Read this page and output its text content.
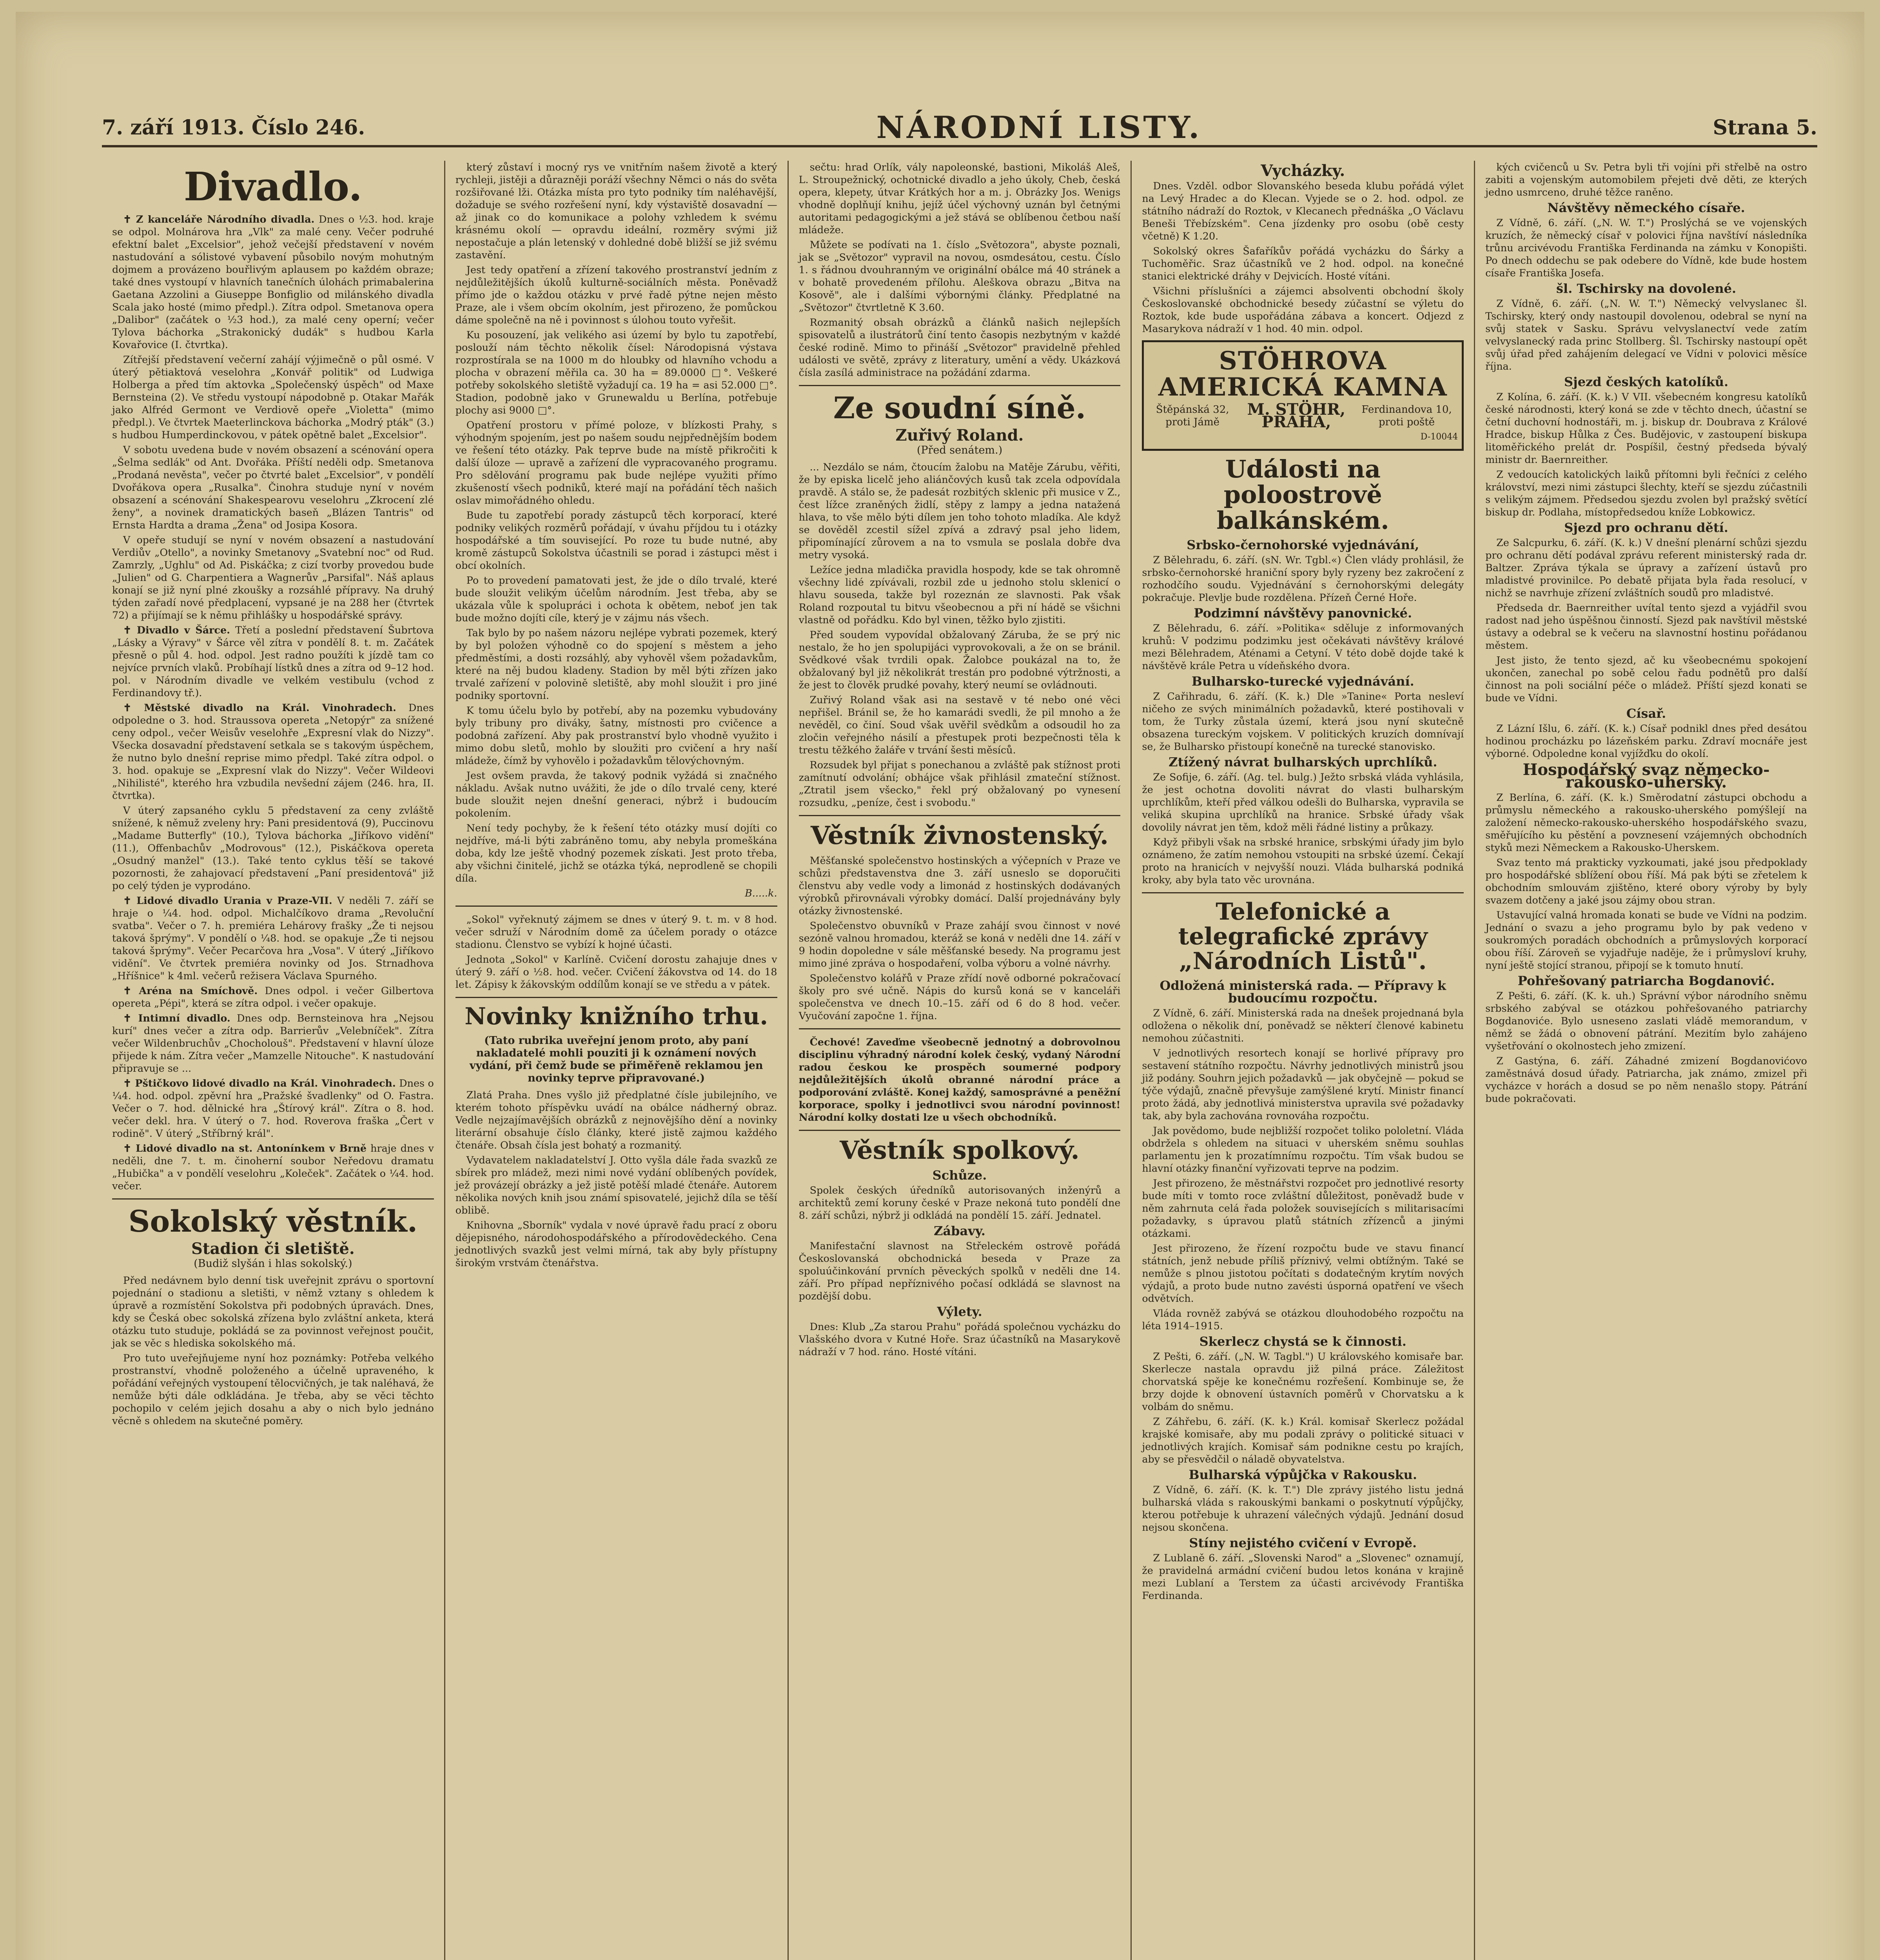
7. září 1913. Číslo 246.	NÁRODNÍ LISTY.	Strana 5.
Divadlo.

✝ Z kanceláře Národního divadla. Dnes o ½3. hod. kraje se odpol. Molnárova hra „Vlk" za malé ceny. Večer podruhé efektní balet „Excelsior", jehož večejší představení v novém nastudování a sólistové vybavení působilo novým mohutným dojmem a provázeno bouřlivým aplausem po každém obraze; také dnes vystoupí v hlavních tanečních úlohách primabalerina Gaetana Azzolini a Giuseppe Bonfiglio od milánského divadla Scala jako hosté (mimo předpl.). Zítra odpol. Smetanova opera „Dalibor" (začátek o ½3 hod.), za malé ceny operní; večer Tylova báchorka „Strakonický dudák" s hudbou Karla Kovařovice (I. čtvrtka).

Zítřejší představení večerní zahájí výjimečně o půl osmé. V úterý pětiaktová veselohra „Konvář politik" od Ludwiga Holberga a před tím aktovka „Společenský úspěch" od Maxe Bernsteina (2). Ve středu vystoupí nápodobně p. Otakar Mařák jako Alfréd Germont ve Verdiově opeře „Violetta" (mimo předpl.). Ve čtvrtek Maeterlinckova báchorka „Modrý pták" (3.) s hudbou Humperdinckovou, v pátek opětně balet „Excelsior".

V sobotu uvedena bude v novém obsazení a scénování opera „Šelma sedlák" od Ant. Dvořáka. Příští neděli odp. Smetanova „Prodaná nevěsta", večer po čtvrté balet „Excelsior", v pondělí Dvořákova opera „Rusalka". Činohra studuje nyní v novém obsazení a scénování Shakespearovu veselohru „Zkrocení zlé ženy", a novinek dramatických baseň „Blázen Tantris" od Ernsta Hardta a drama „Žena" od Josipa Kosora.

V opeře studují se nyní v novém obsazení a nastudování Verdiův „Otello", a novinky Smetanovy „Svatební noc" od Rud. Zamrzly, „Ughlu" od Ad. Piskáčka; z cizí tvorby provedou bude „Julien" od G. Charpentiera a Wagnerův „Parsifal". Náš aplaus konají se již nyní plné zkoušky a rozsáhlé přípravy. Na druhý týden zařadí nové předplacení, vypsané je na 288 her (čtvrtek 72) a přijímají se k němu přihlášky u hospodářské správy.

✝ Divadlo v Šárce. Třetí a poslední představení Šubrtova „Lásky a Výravy" v Šárce věl zítra v pondělí 8. t. m. Začátek přesně o půl 4. hod. odpol. Jest radno použíti k jízdě tam co nejvíce prvních vlaků. Probíhají lístků dnes a zítra od 9–12 hod. pol. v Národním divadle ve velkém vestibulu (vchod z Ferdinandovy tř.).

✝ Městské divadlo na Král. Vinohradech. Dnes odpoledne o 3. hod. Straussova opereta „Netopýr" za snížené ceny odpol., večer Weisův veselohře „Expresní vlak do Nizzy". Všecka dosavadní představení setkala se s takovým úspěchem, že nutno bylo dnešní reprise mimo předpl. Také zítra odpol. o 3. hod. opakuje se „Expresní vlak do Nizzy". Večer Wildeovi „Nihilisté", kterého hra vzbudila nevšední zájem (246. hra, II. čtvrtka).

V úterý zapsaného cyklu 5 představení za ceny zvláště snížené, k němuž zveleny hry: Pani presidentová (9), Puccinovu „Madame Butterfly" (10.), Tylova báchorka „Jiříkovo vidění" (11.), Offenbachův „Modrovous" (12.), Piskáčkova opereta „Osudný manžel" (13.). Také tento cyklus těší se takové pozornosti, že zahajovací představení „Paní presidentová" již po celý týden je vyprodáno.

✝ Lidové divadlo Urania v Praze-VII. V neděli 7. září se hraje o ¼4. hod. odpol. Michalčíkovo drama „Revoluční svatba". Večer o 7. h. premiéra Lehárovy frašky „Že ti nejsou taková šprýmy". V pondělí o ¼8. hod. se opakuje „Že ti nejsou taková šprýmy". Večer Pecarčova hra „Vosa". V úterý „Jiříkovo vidění". Ve čtvrtek premiéra novinky od Jos. Strnadhova „Hříšnice" k 4ml. večerů režisera Václava Spurného.

✝ Aréna na Smíchově. Dnes odpol. i večer Gilbertova opereta „Pépi", která se zítra odpol. i večer opakuje.

✝ Intimní divadlo. Dnes odp. Bernsteinova hra „Nejsou kurí" dnes večer a zítra odp. Barrierův „Velebníček". Zítra večer Wildenbruchův „Chocholouš". Představení v hlavní úloze přijede k nám. Zítra večer „Mamzelle Nitouche". K nastudování připravuje se ...

✝ Pštičkovo lidové divadlo na Král. Vinohradech. Dnes o ¼4. hod. odpol. zpěvní hra „Pražské švadlenky" od O. Fastra. Večer o 7. hod. dělnické hra „Štírový král". Zítra o 8. hod. večer dekl. hra. V úterý o 7. hod. Roverova fraška „Čert v rodině". V úterý „Stříbrný král".

✝ Lidové divadlo na st. Antonínkem v Brně hraje dnes v neděli, dne 7. t. m. činoherní soubor Neředovu dramatu „Hubička" a v pondělí veselohru „Koleček". Začátek o ¼4. hod. večer.

Sokolský věstník.
Stadion či sletiště.
(Budiž slyšán i hlas sokolský.)

Před nedávnem bylo denní tisk uveřejnit zprávu o sportovní pojednání o stadionu a sletišti, v němž vztany s ohledem k úpravě a rozmístění Sokolstva při podobných úpravách. Dnes, kdy se Česká obec sokolská zřízena bylo zvláštní anketa, která otázku tuto studuje, pokládá se za povinnost veřejnost poučit, jak se věc s hlediska sokolského má.

Pro tuto uveřejňujeme nyní hoz poznámky: Potřeba velkého prostranství, vhodně položeného a účelně upraveného, k pořádání veřejných vystoupení tělocvičných, je tak naléhavá, že nemůže býti dále odkládána. Je třeba, aby se věci těchto pochopilo v celém jejich dosahu a aby o nich bylo jednáno věcně s ohledem na skutečné poměry.

který zůstaví i mocný rys ve vnitřním našem životě a který rychleji, jistěji a důrazněji poráží všechny Němci o nás do světa rozšiřované lži. Otázka místa pro tyto podniky tím naléhavější, dožaduje se svého rozřešení nyní, kdy výstaviště dosavadní — až jinak co do komunikace a polohy vzhledem k svému krásnému okolí — opravdu ideální, rozměry svými již nepostačuje a plán letenský v dohledné době bližší se již svému zastavění.

Jest tedy opatření a zřízení takového prostranství jedním z nejdůležitějších úkolů kulturně-sociálních města. Poněvadž přímo jde o každou otázku v prvé řadě pýtne nejen město Praze, ale i všem obcím okolním, jest přirozeno, že pomůckou dáme společně na ně i povinnost s úlohou touto vyřešit.

Ku posouzení, jak velikého asi území by bylo tu zapotřebí, poslouží nám těchto několik čísel: Národopisná výstava rozprostírala se na 1000 m do hloubky od hlavního vchodu a plocha v obrazení měřila ca. 30 ha = 89.0000 □°. Veškeré potřeby sokolského sletiště vyžadují ca. 19 ha = asi 52.000 □°. Stadion, podobně jako v Grunewaldu u Berlína, potřebuje plochy asi 9000 □°.

Opatření prostoru v přímé poloze, v blízkosti Prahy, s výhodným spojením, jest po našem soudu nejpřednějším bodem ve řešení této otázky. Pak teprve bude na místě přikročiti k další úloze — upravě a zařízení dle vypracovaného programu. Pro sdělování programu pak bude nejlépe využiti přímo zkušeností všech podniků, které mají na pořádání těch našich oslav mimořádného ohledu.

Bude tu zapotřebí porady zástupců těch korporací, které podniky velikých rozměrů pořádají, v úvahu příjdou tu i otázky hospodářské a tím související. Po roze tu bude nutné, aby kromě zástupců Sokolstva účastnili se porad i zástupci měst i obcí okolních.

Po to provedení pamatovati jest, že jde o dílo trvalé, které bude sloužit velikým účelům národním. Jest třeba, aby se ukázala vůle k spolupráci i ochota k obětem, neboť jen tak bude možno dojíti cíle, který je v zájmu nás všech.

Tak bylo by po našem názoru nejlépe vybrati pozemek, který by byl položen výhodně co do spojení s městem a jeho předměstími, a dosti rozsáhlý, aby vyhověl všem požadavkům, které na něj budou kladeny. Stadion by měl býti zřízen jako trvalé zařízení v polovině sletiště, aby mohl sloužit i pro jiné podniky sportovní.

K tomu účelu bylo by potřebí, aby na pozemku vybudovány byly tribuny pro diváky, šatny, místnosti pro cvičence a podobná zařízení. Aby pak prostranství bylo vhodně využito i mimo dobu sletů, mohlo by sloužiti pro cvičení a hry naší mládeže, čímž by vyhovělo i požadavkům tělovýchovným.

Jest ovšem pravda, že takový podnik vyžádá si značného nákladu. Avšak nutno uvážiti, že jde o dílo trvalé ceny, které bude sloužit nejen dnešní generaci, nýbrž i budoucím pokolením.

Není tedy pochyby, že k řešení této otázky musí dojíti co nejdříve, má-li býti zabráněno tomu, aby nebyla promeškána doba, kdy lze ještě vhodný pozemek získati. Jest proto třeba, aby všichni činitelé, jichž se otázka týká, neprodleně se chopili díla.

B.....k.

„Sokol" vyřeknutý zájmem se dnes v úterý 9. t. m. v 8 hod. večer sdruží v Národním domě za účelem porady o otázce stadionu. Členstvo se vybízí k hojné účasti.

Jednota „Sokol" v Karlíně. Cvičení dorostu zahajuje dnes v úterý 9. září o ½8. hod. večer. Cvičení žákovstva od 14. do 18 let. Zápisy k žákovským oddílům konají se ve středu a v pátek.

Novinky knižního trhu.
(Tato rubrika uveřejní jenom proto, aby paní nakladatelé mohli pouziti ji k oznámení nových vydání, při čemž bude se přiměřeně reklamou jen novinky teprve připravované.)

Zlatá Praha. Dnes vyšlo již předplatné čísle jubilejního, ve kterém tohoto příspěvku uvádí na obálce nádherný obraz. Vedle nejzajímavějších obrázků z nejnovějšího dění a novinky literární obsahuje číslo články, které jistě zajmou každého čtenáře. Obsah čísla jest bohatý a rozmanitý.

Vydavatelem nakladatelství J. Otto vyšla dále řada svazků ze sbírek pro mládež, mezi nimi nové vydání oblíbených povídek, jež provázejí obrázky a jež jistě potěší mladé čtenáře. Autorem několika nových knih jsou známí spisovatelé, jejichž díla se těší oblibě.

Knihovna „Sborník" vydala v nové úpravě řadu prací z oboru dějepisného, národohospodářského a přírodovědeckého. Cena jednotlivých svazků jest velmi mírná, tak aby byly přístupny širokým vrstvám čtenářstva.

sečtu: hrad Orlík, vály napoleonské, bastioni, Mikoláš Aleš, L. Stroupežnický, ochotnické divadlo a jeho úkoly, Cheb, česká opera, klepety, útvar Krátkých hor a m. j. Obrázky Jos. Wenigs vhodně doplňují knihu, jejíž účel výchovný uznán byl četnými autoritami pedagogickými a jež stává se oblíbenou četbou naší mládeže.

Můžete se podívati na 1. číslo „Světozora", abyste poznali, jak se „Světozor" vypravil na novou, osmdesátou, cestu. Číslo 1. s řádnou dvouhranným ve originální obálce má 40 stránek a v bohatě provedeném přílohu. Aleškova obrazu „Bitva na Kosově", ale i dalšími výbornými články. Předplatné na „Světozor" čtvrtletně K 3.60.

Rozmanitý obsah obrázků a článků našich nejlepších spisovatelů a ilustrátorů činí tento časopis nezbytným v každé české rodině. Mimo to přináší „Světozor" pravidelně přehled události ve světě, zprávy z literatury, umění a vědy. Ukázková čísla zasílá administrace na požádání zdarma.

Ze soudní síně.
Zuřivý Roland.
(Před senátem.)

... Nezdálo se nám, čtoucím žalobu na Matěje Zárubu, věřiti, že by episka licelč jeho aliánčových kusů tak zcela odpovídala pravdě. A stálo se, že padesát rozbitých sklenic při musice v Z., čest lížce zraněných židlí, stěpy z lampy a jedna natažená hlava, to vše mělo býti dílem jen toho tohoto mladíka. Ale když se dověděl zcestil sížel zpívá a zdravý psal jeho lidem, připomínající zůrovem a na to vsmula se poslala dobře dva metry vysoká.

Ležíce jedna mladička pravidla hospody, kde se tak ohromně všechny lidé zpívávali, rozbil zde u jednoho stolu sklenicí o hlavu souseda, takže byl rozeznán ze slavnosti. Pak však Roland rozpoutal tu bitvu všeobecnou a při ní hádě se všichni vlastně od pořádku. Kdo byl vinen, těžko bylo zjistiti.

Před soudem vypovídal obžalovaný Záruba, že se prý nic nestalo, že ho jen spolupijáci vyprovokovali, a že on se bránil. Svědkové však tvrdili opak. Žalobce poukázal na to, že obžalovaný byl již několikrát trestán pro podobné výtržnosti, a že jest to člověk prudké povahy, který neumí se ovládnouti.

Zuřivý Roland však asi na sestavě v té nebo oné věci nepřišel. Bránil se, že ho kamarádi svedli, že pil mnoho a že nevěděl, co činí. Soud však uvěřil svědkům a odsoudil ho za zločin veřejného násilí a přestupek proti bezpečnosti těla k trestu těžkého žaláře v trvání šesti měsíců.

Rozsudek byl přijat s ponechanou a zvláště pak stížnost proti zamítnutí odvolání; obhájce však přihlásil zmateční stížnost. „Ztratil jsem všecko," řekl prý obžalovaný po vynesení rozsudku, „peníze, čest i svobodu."

Věstník živnostenský.

Měšťanské společenstvo hostinských a výčepních v Praze ve schůzi představenstva dne 3. září usneslo se doporučiti členstvu aby vedle vody a limonád z hostinských dodávaných výrobků přirovnávali výrobky domácí. Další projednávány byly otázky živnostenské.

Společenstvo obuvníků v Praze zahájí svou činnost v nové sezóně valnou hromadou, kteráž se koná v neděli dne 14. září v 9 hodin dopoledne v sále měšťanské besedy. Na programu jest mimo jiné zpráva o hospodaření, volba výboru a volné návrhy.

Společenstvo kolářů v Praze zřídí nově odborné pokračovací školy pro své učně. Nápis do kursů koná se v kanceláři společenstva ve dnech 10.–15. září od 6 do 8 hod. večer. Vyučování započne 1. října.

Čechové! Zaveďme všeobecně jednotný a dobrovolnou disciplinu výhradný národní kolek český, vydaný Národní radou českou ke prospěch soumerné podpory nejdůležitějších úkolů obranné národní práce a podporování zvláště. Konej každý, samosprávné a peněžní korporace, spolky i jednotlivci svou národní povinnost! Národní kolky dostati lze u všech obchodníků.

Věstník spolkový.
Schůze.

Spolek českých úředníků autorisovaných inženýrů a architektů zemí koruny české v Praze nekoná tuto pondělí dne 8. září schůzi, nýbrž ji odkládá na pondělí 15. září. Jednatel.

Zábavy.

Manifestační slavnost na Střeleckém ostrově pořádá Českoslovanská obchodnická beseda v Praze za spoluúčinkování prvních pěveckých spolků v neděli dne 14. září. Pro případ nepříznivého počasí odkládá se slavnost na pozdější dobu.

Výlety.

Dnes: Klub „Za starou Prahu" pořádá společnou vycházku do Vlašského dvora v Kutné Hoře. Sraz účastníků na Masarykově nádraží v 7 hod. ráno. Hosté vítáni.

Vycházky.

Dnes. Vzděl. odbor Slovanského beseda klubu pořádá výlet na Levý Hradec a do Klecan. Vyjede se o 2. hod. odpol. ze státního nádraží do Roztok, v Klecanech přednáška „O Václavu Beneši Třebízském". Cena jízdenky pro osobu (obě cesty včetně) K 1.20.

Sokolský okres Šafaříkův pořádá vycházku do Šárky a Tuchoměřic. Sraz účastníků ve 2 hod. odpol. na konečné stanici elektrické dráhy v Dejvicích. Hosté vítáni.

Všichni příslušníci a zájemci absolventi obchodní školy Českoslovanské obchodnické besedy zúčastní se výletu do Roztok, kde bude uspořádána zábava a koncert. Odjezd z Masarykova nádraží v 1 hod. 40 min. odpol.

STÖHROVA AMERICKÁ KAMNA
Štěpánská 32, proti Jámě
M. STÖHR, PRAHA,
Ferdinandova 10, proti poště
D-10044
Události na poloostrově balkánském.
Srbsko-černohorské vyjednávání,

Z Bělehradu, 6. září. (sN. Wr. Tgbl.«) Člen vlády prohlásil, že srbsko-černohorské hraniční spory byly ryzeny bez zakročení z rozhodčího soudu. Vyjednávání s černohorskými delegáty pokračuje. Plevlje bude rozdělena. Přízeň Černé Hoře.

Podzimní návštěvy panovnické.

Z Bělehradu, 6. září. »Politika« sděluje z informovaných kruhů: V podzimu podzimku jest očekávati návštěvy králové mezi Bělehradem, Aténami a Cetyní. V této době dojde také k návštěvě krále Petra u vídeňského dvora.

Bulharsko-turecké vyjednávání.

Z Cařihradu, 6. září. (K. k.) Dle »Tanine« Porta nesleví ničeho ze svých minimálních požadavků, které postihovali v tom, že Turky zůstala území, která jsou nyní skutečně obsazena tureckým vojskem. V politických kruzích domnívají se, že Bulharsko přistoupí konečně na turecké stanovisko.

Ztížený návrat bulharských uprchlíků.

Ze Sofije, 6. září. (Ag. tel. bulg.) Ježto srbská vláda vyhlásila, že jest ochotna dovoliti návrat do vlasti bulharským uprchlíkům, kteří před válkou odešli do Bulharska, vypravila se veliká skupina uprchlíků na hranice. Srbské úřady však dovolily návrat jen těm, kdož měli řádné listiny a průkazy.

Když přibyli však na srbské hranice, srbskými úřady jim bylo oznámeno, že zatím nemohou vstoupiti na srbské území. Čekají proto na hranicích v nejvyšší nouzi. Vláda bulharská podniká kroky, aby byla tato věc urovnána.

Telefonické a telegrafické zprávy „Národních Listů".
Odložená ministerská rada. — Přípravy k budoucímu rozpočtu.

Z Vídně, 6. září. Ministerská rada na dnešek projednaná byla odložena o několik dní, poněvadž se některí členové kabinetu nemohou zúčastniti.

V jednotlivých resortech konají se horlivé přípravy pro sestavení státního rozpočtu. Návrhy jednotlivých ministrů jsou již podány. Souhrn jejich požadavků — jak obyčejně — pokud se týče výdajů, značně převyšuje zamýšlené krytí. Ministr financí proto žádá, aby jednotlivá ministerstva upravila své požadavky tak, aby byla zachována rovnováha rozpočtu.

Jak povědomo, bude nejbližší rozpočet toliko pololetní. Vláda obdržela s ohledem na situaci v uherském sněmu souhlas parlamentu jen k prozatímnímu rozpočtu. Tím však budou se hlavní otázky finanční vyřizovati teprve na podzim.

Jest přirozeno, že městnářstvi rozpočet pro jednotlivé resorty bude míti v tomto roce zvláštní důležitost, poněvadž bude v něm zahrnuta celá řada položek souvisejících s militarisacími požadavky, s úpravou platů státních zřízenců a jinými otázkami.

Jest přirozeno, že řízení rozpočtu bude ve stavu financí státních, jenž nebude příliš příznivý, velmi obtížným. Také se nemůže s plnou jistotou počítati s dodatečným krytím nových výdajů, a proto bude nutno zavésti úsporná opatření ve všech odvětvích.

Vláda rovněž zabývá se otázkou dlouhodobého rozpočtu na léta 1914–1915.

Skerlecz chystá se k činnosti.

Z Pešti, 6. září. („N. W. Tagbl.") U královského komisaře bar. Skerlecze nastala opravdu již pilná práce. Záležitost chorvatská spěje ke konečnému rozřešení. Kombinuje se, že brzy dojde k obnovení ústavních poměrů v Chorvatsku a k volbám do sněmu.

Z Záhřebu, 6. září. (K. k.) Král. komisař Skerlecz požádal krajské komisaře, aby mu podali zprávy o politické situaci v jednotlivých krajích. Komisař sám podnikne cestu po krajích, aby se přesvědčil o náladě obyvatelstva.

Bulharská výpůjčka v Rakousku.

Z Vídně, 6. září. (K. k. T.") Dle zprávy jistého listu jedná bulharská vláda s rakouskými bankami o poskytnutí výpůjčky, kterou potřebuje k uhrazení válečných výdajů. Jednání dosud nejsou skončena.

Stíny nejistého cvičení v Evropě.

Z Lublaně 6. září. „Slovenski Narod" a „Slovenec" oznamují, že pravidelná armádní cvičení budou letos konána v krajině mezi Lublaní a Terstem za účasti arcivévody Františka Ferdinanda.

kých cvičenců u Sv. Petra byli tři vojíni při střelbě na ostro zabiti a vojenským automobilem přejeti dvě děti, ze kterých jedno usmrceno, druhé těžce raněno.

Návštěvy německého císaře.

Z Vídně, 6. září. („N. W. T.") Proslýchá se ve vojenských kruzích, že německý císař v polovici října navštíví následníka trůnu arcivévodu Františka Ferdinanda na zámku v Konopišti. Po dnech oddechu se pak odebere do Vídně, kde bude hostem císaře Františka Josefa.

šl. Tschirsky na dovolené.

Z Vídně, 6. září. („N. W. T.") Německý velvyslanec šl. Tschirsky, který ondy nastoupil dovolenou, odebral se nyní na svůj statek v Sasku. Správu velvyslanectví vede zatím velvyslanecký rada princ Stollberg. Šl. Tschirsky nastoupí opět svůj úřad před zahájením delegací ve Vídni v polovici měsíce října.

Sjezd českých katolíků.

Z Kolína, 6. září. (K. k.) V VII. všebecném kongresu katolíků české národnosti, který koná se zde v těchto dnech, účastní se četní duchovní hodnostáři, m. j. biskup dr. Doubrava z Králové Hradce, biskup Hůlka z Čes. Budějovic, v zastoupení biskupa litoměřického prelát dr. Pospíšil, čestný předseda bývalý ministr dr. Baernreither.

Z vedoucích katolických laiků přítomni byli řečníci z celého království, mezi nimi zástupci šlechty, kteří se sjezdu zúčastnili s velikým zájmem. Předsedou sjezdu zvolen byl pražský světící biskup dr. Podlaha, místopředsedou kníže Lobkowicz.

Sjezd pro ochranu dětí.

Ze Salcpurku, 6. září. (K. k.) V dnešní plenární schůzi sjezdu pro ochranu dětí podával zprávu referent ministerský rada dr. Baltzer. Zpráva týkala se úpravy a zařízení ústavů pro mladistvé provinilce. Po debatě přijata byla řada resolucí, v nichž se navrhuje zřízení zvláštních soudů pro mladistvé.

Předseda dr. Baernreither uvítal tento sjezd a vyjádřil svou radost nad jeho úspěšnou činností. Sjezd pak navštívil městské ústavy a odebral se k večeru na slavnostní hostinu pořádanou městem.

Jest jisto, že tento sjezd, ač ku všeobecnému spokojení ukončen, zanechal po sobě celou řadu podnětů pro další činnost na poli sociální péče o mládež. Příští sjezd konati se bude ve Vídni.

Císař.

Z Lázní Išlu, 6. září. (K. k.) Císař podnikl dnes před desátou hodinou procházku po lázeňském parku. Zdraví mocnáře jest výborné. Odpoledne konal vyjížďku do okolí.

Hospodářský svaz německo-rakousko-uherský.

Z Berlína, 6. září. (K. k.) Směrodatní zástupci obchodu a průmyslu německého a rakousko-uherského pomýšlejí na založení německo-rakousko-uherského hospodářského svazu, směřujícího ku pěstění a povznesení vzájemných obchodních styků mezi Německem a Rakousko-Uherskem.

Svaz tento má prakticky vyzkoumati, jaké jsou předpoklady pro hospodářské sblížení obou říší. Má pak býti se zřetelem k obchodním smlouvám zjištěno, které obory výroby by byly svazem dotčeny a jaké jsou zájmy obou stran.

Ustavující valná hromada konati se bude ve Vídni na podzim. Jednání o svazu a jeho programu bylo by pak vedeno v soukromých poradách obchodních a průmyslových korporací obou říší. Zároveň se vyjadřuje naděje, že i průmysloví kruhy, nyní ještě stojící stranou, připojí se k tomuto hnutí.

Pohřešovaný patriarcha Bogdanović.

Z Pešti, 6. září. (K. k. uh.) Správní výbor národního sněmu srbského zabýval se otázkou pohřešovaného patriarchy Bogdanoviće. Bylo usneseno zaslati vládě memorandum, v němž se žádá o obnovení pátrání. Mezitím bylo zahájeno vyšetřování o okolnostech jeho zmizení.

Z Gastýna, 6. září. Záhadné zmizení Bogdanovićovo zaměstnává dosud úřady. Patriarcha, jak známo, zmizel při vycházce v horách a dosud se po něm nenašlo stopy. Pátrání bude pokračovati.
